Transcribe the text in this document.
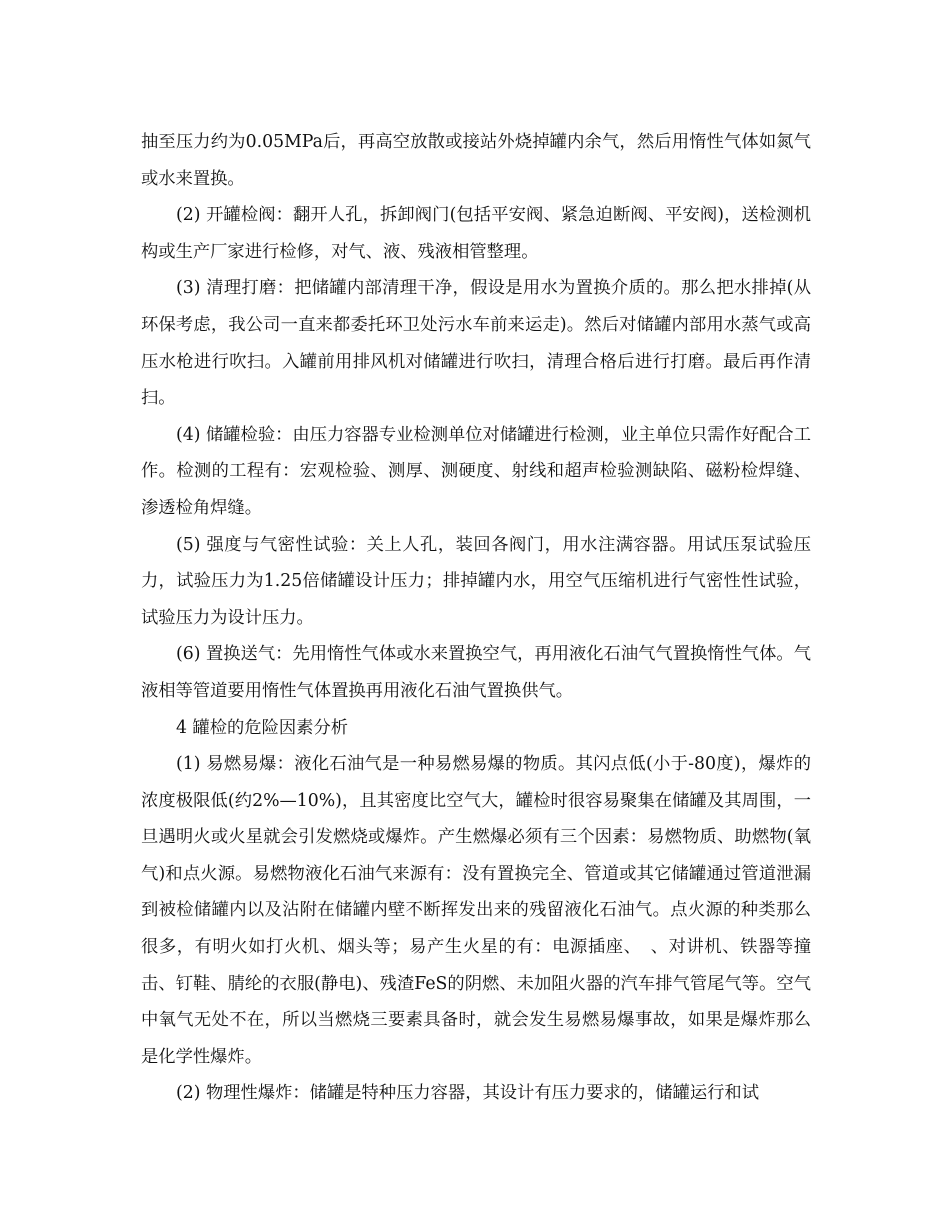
抽至压力约为0.05MPa后，再高空放散或接站外烧掉罐内余气，然后用惰性气体如氮气或水来置换。

(2) 开罐检阀：翻开人孔，拆卸阀门(包括平安阀、紧急迫断阀、平安阀)，送检测机构或生产厂家进行检修，对气、液、残液相管整理。

(3) 清理打磨：把储罐内部清理干净，假设是用水为置换介质的。那么把水排掉(从环保考虑，我公司一直来都委托环卫处污水车前来运走)。然后对储罐内部用水蒸气或高压水枪进行吹扫。入罐前用排风机对储罐进行吹扫，清理合格后进行打磨。最后再作清扫。

(4) 储罐检验：由压力容器专业检测单位对储罐进行检测，业主单位只需作好配合工作。检测的工程有：宏观检验、测厚、测硬度、射线和超声检验测缺陷、磁粉检焊缝、渗透检角焊缝。

(5) 强度与气密性试验：关上人孔，装回各阀门，用水注满容器。用试压泵试验压力，试验压力为1.25倍储罐设计压力；排掉罐内水，用空气压缩机进行气密性性试验，试验压力为设计压力。

(6) 置换送气：先用惰性气体或水来置换空气，再用液化石油气气置换惰性气体。气液相等管道要用惰性气体置换再用液化石油气置换供气。

4 罐检的危险因素分析

(1) 易燃易爆：液化石油气是一种易燃易爆的物质。其闪点低(小于-80度)，爆炸的浓度极限低(约2%—10%)，且其密度比空气大，罐检时很容易聚集在储罐及其周围，一旦遇明火或火星就会引发燃烧或爆炸。产生燃爆必须有三个因素：易燃物质、助燃物(氧气)和点火源。易燃物液化石油气来源有：没有置换完全、管道或其它储罐通过管道泄漏到被检储罐内以及沾附在储罐内壁不断挥发出来的残留液化石油气。点火源的种类那么很多，有明火如打火机、烟头等；易产生火星的有：电源插座、　、对讲机、铁器等撞击、钉鞋、腈纶的衣服(静电)、残渣FeS的阴燃、未加阻火器的汽车排气管尾气等。空气中氧气无处不在，所以当燃烧三要素具备时，就会发生易燃易爆事故，如果是爆炸那么是化学性爆炸。

(2) 物理性爆炸：储罐是特种压力容器，其设计有压力要求的，储罐运行和试
